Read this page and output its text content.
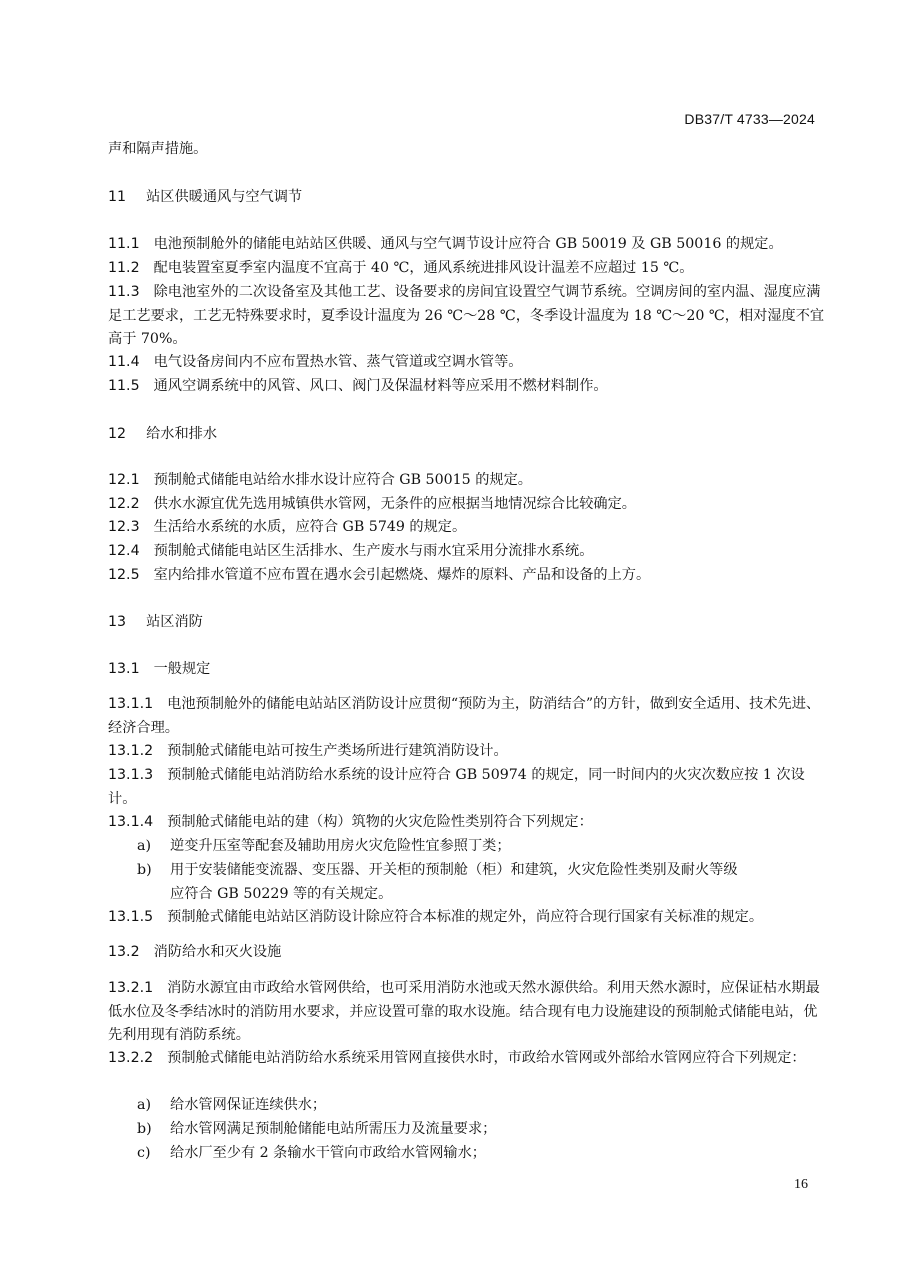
DB37/T 4733—2024
声和隔声措施。
11 站区供暖通风与空气调节
11.1 电池预制舱外的储能电站站区供暖、通风与空气调节设计应符合 GB 50019 及 GB 50016 的规定。
11.2 配电装置室夏季室内温度不宜高于 40 ℃，通风系统进排风设计温差不应超过 15 ℃。
11.3 除电池室外的二次设备室及其他工艺、设备要求的房间宜设置空气调节系统。空调房间的室内温、湿度应满足工艺要求，工艺无特殊要求时，夏季设计温度为 26 ℃～28 ℃，冬季设计温度为 18 ℃～20 ℃，相对湿度不宜高于 70%。
11.4 电气设备房间内不应布置热水管、蒸气管道或空调水管等。
11.5 通风空调系统中的风管、风口、阀门及保温材料等应采用不燃材料制作。
12 给水和排水
12.1 预制舱式储能电站给水排水设计应符合 GB 50015 的规定。
12.2 供水水源宜优先选用城镇供水管网，无条件的应根据当地情况综合比较确定。
12.3 生活给水系统的水质，应符合 GB 5749 的规定。
12.4 预制舱式储能电站区生活排水、生产废水与雨水宜采用分流排水系统。
12.5 室内给排水管道不应布置在遇水会引起燃烧、爆炸的原料、产品和设备的上方。
13 站区消防
13.1 一般规定
13.1.1 电池预制舱外的储能电站站区消防设计应贯彻“预防为主，防消结合”的方针，做到安全适用、技术先进、经济合理。
13.1.2 预制舱式储能电站可按生产类场所进行建筑消防设计。
13.1.3 预制舱式储能电站消防给水系统的设计应符合 GB 50974 的规定，同一时间内的火灾次数应按 1 次设计。
13.1.4 预制舱式储能电站的建（构）筑物的火灾危险性类别符合下列规定：
a) 逆变升压室等配套及辅助用房火灾危险性宜参照丁类；
b) 用于安装储能变流器、变压器、开关柜的预制舱（柜）和建筑，火灾危险性类别及耐火等级
应符合 GB 50229 等的有关规定。
13.1.5 预制舱式储能电站站区消防设计除应符合本标准的规定外，尚应符合现行国家有关标准的规定。
13.2 消防给水和灭火设施
13.2.1 消防水源宜由市政给水管网供给，也可采用消防水池或天然水源供给。利用天然水源时，应保证枯水期最低水位及冬季结冰时的消防用水要求，并应设置可靠的取水设施。结合现有电力设施建设的预制舱式储能电站，优先利用现有消防系统。
13.2.2 预制舱式储能电站消防给水系统采用管网直接供水时，市政给水管网或外部给水管网应符合下列规定：
a) 给水管网保证连续供水；
b) 给水管网满足预制舱储能电站所需压力及流量要求；
c) 给水厂至少有 2 条输水干管向市政给水管网输水；
16
